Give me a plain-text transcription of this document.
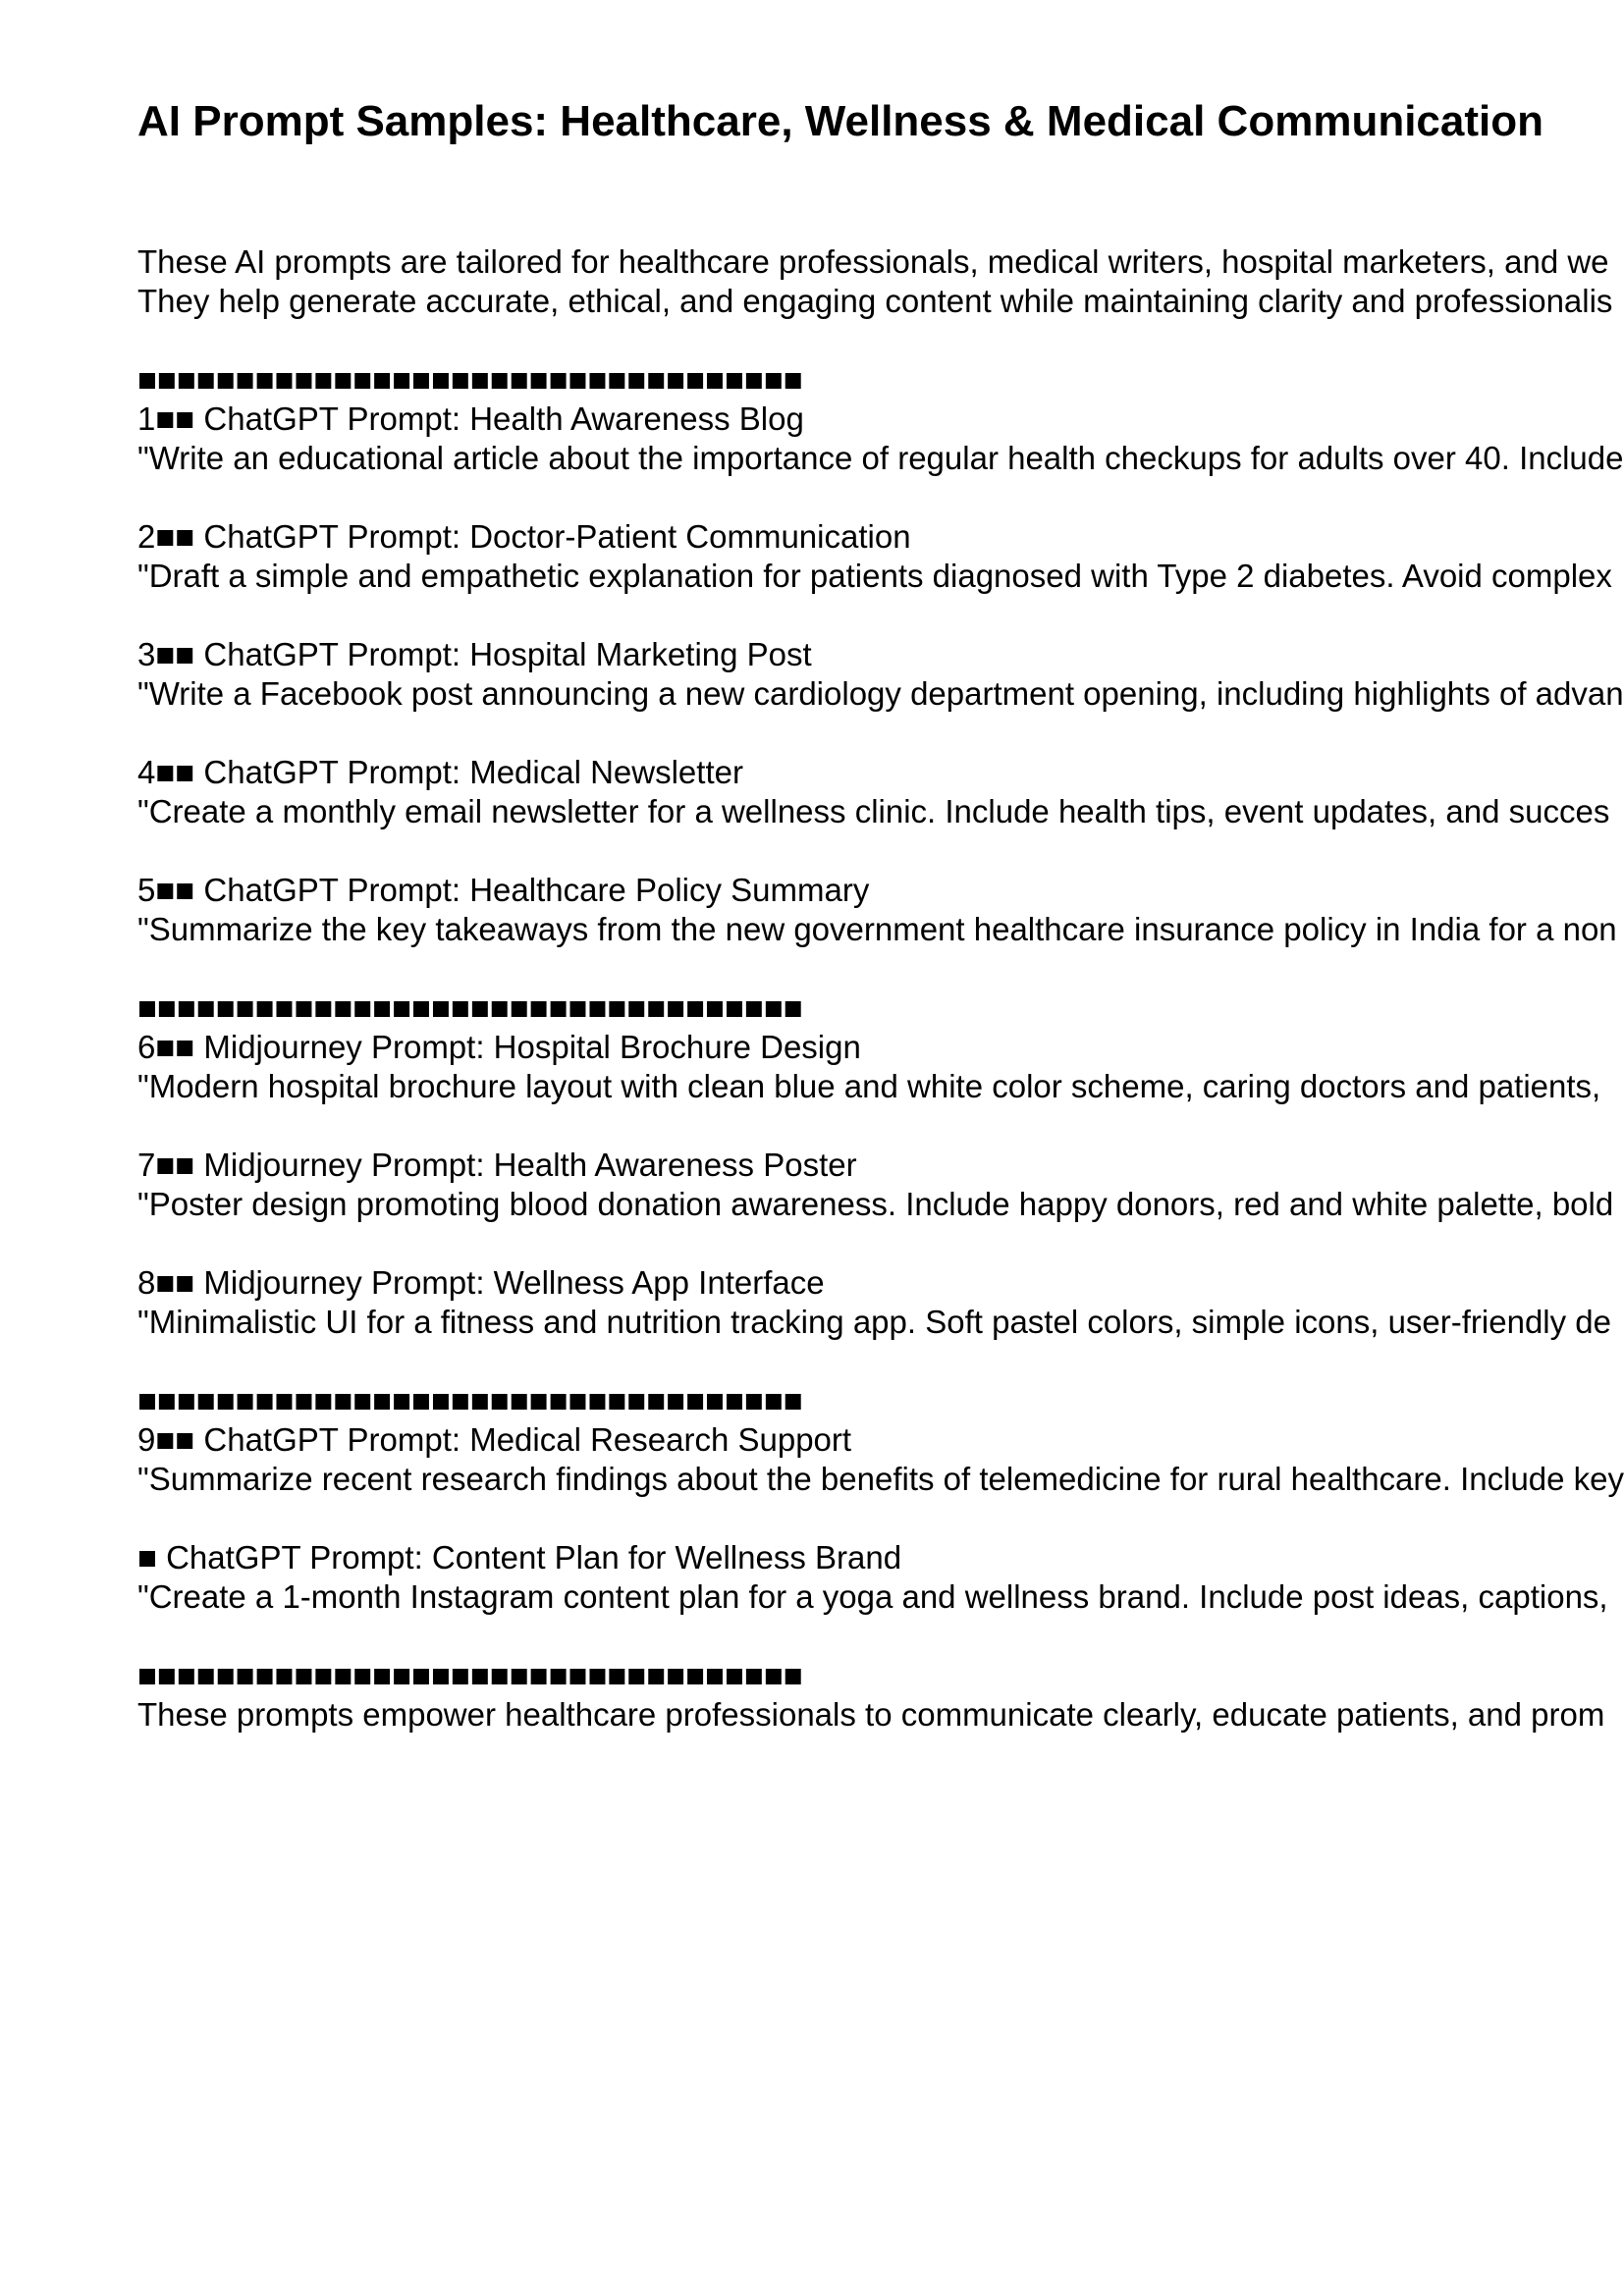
AI Prompt Samples: Healthcare, Wellness & Medical Communication

These AI prompts are tailored for healthcare professionals, medical writers, hospital marketers, and we

They help generate accurate, ethical, and engaging content while maintaining clarity and professionalis

■■■■■■■■■■■■■■■■■■■■■■■■■■■■■■■■■■

1■■ ChatGPT Prompt: Health Awareness Blog

"Write an educational article about the importance of regular health checkups for adults over 40. Include

2■■ ChatGPT Prompt: Doctor-Patient Communication

"Draft a simple and empathetic explanation for patients diagnosed with Type 2 diabetes. Avoid complex

3■■ ChatGPT Prompt: Hospital Marketing Post

"Write a Facebook post announcing a new cardiology department opening, including highlights of advan

4■■ ChatGPT Prompt: Medical Newsletter

"Create a monthly email newsletter for a wellness clinic. Include health tips, event updates, and succes

5■■ ChatGPT Prompt: Healthcare Policy Summary

"Summarize the key takeaways from the new government healthcare insurance policy in India for a non

■■■■■■■■■■■■■■■■■■■■■■■■■■■■■■■■■■

6■■ Midjourney Prompt: Hospital Brochure Design

"Modern hospital brochure layout with clean blue and white color scheme, caring doctors and patients,

7■■ Midjourney Prompt: Health Awareness Poster

"Poster design promoting blood donation awareness. Include happy donors, red and white palette, bold

8■■ Midjourney Prompt: Wellness App Interface

"Minimalistic UI for a fitness and nutrition tracking app. Soft pastel colors, simple icons, user-friendly de

■■■■■■■■■■■■■■■■■■■■■■■■■■■■■■■■■■

9■■ ChatGPT Prompt: Medical Research Support

"Summarize recent research findings about the benefits of telemedicine for rural healthcare. Include key

■ ChatGPT Prompt: Content Plan for Wellness Brand

"Create a 1-month Instagram content plan for a yoga and wellness brand. Include post ideas, captions,

■■■■■■■■■■■■■■■■■■■■■■■■■■■■■■■■■■

These prompts empower healthcare professionals to communicate clearly, educate patients, and prom
